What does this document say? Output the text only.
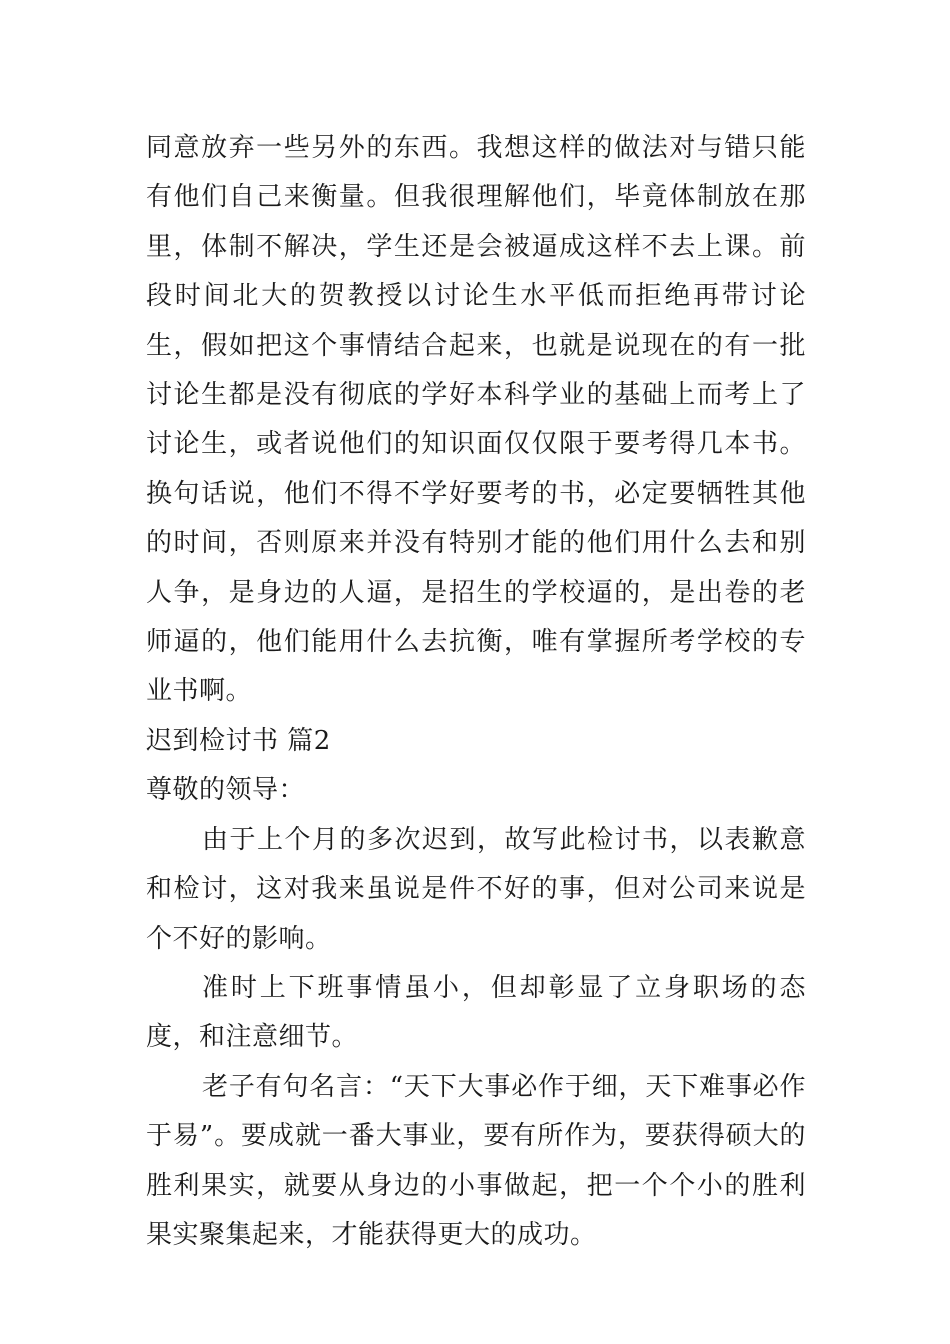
同意放弃一些另外的东西。我想这样的做法对与错只能有他们自己来衡量。但我很理解他们，毕竟体制放在那里，体制不解决，学生还是会被逼成这样不去上课。前段时间北大的贺教授以讨论生水平低而拒绝再带讨论生，假如把这个事情结合起来，也就是说现在的有一批讨论生都是没有彻底的学好本科学业的基础上而考上了讨论生，或者说他们的知识面仅仅限于要考得几本书。换句话说，他们不得不学好要考的书，必定要牺牲其他的时间，否则原来并没有特别才能的他们用什么去和别人争，是身边的人逼，是招生的学校逼的，是出卷的老师逼的，他们能用什么去抗衡，唯有掌握所考学校的专业书啊。

迟到检讨书 篇2

尊敬的领导：

由于上个月的多次迟到，故写此检讨书，以表歉意和检讨，这对我来虽说是件不好的事，但对公司来说是个不好的影响。

准时上下班事情虽小，但却彰显了立身职场的态度，和注意细节。

老子有句名言：“天下大事必作于细，天下难事必作于易”。要成就一番大事业，要有所作为，要获得硕大的胜利果实，就要从身边的小事做起，把一个个小的胜利果实聚集起来，才能获得更大的成功。
